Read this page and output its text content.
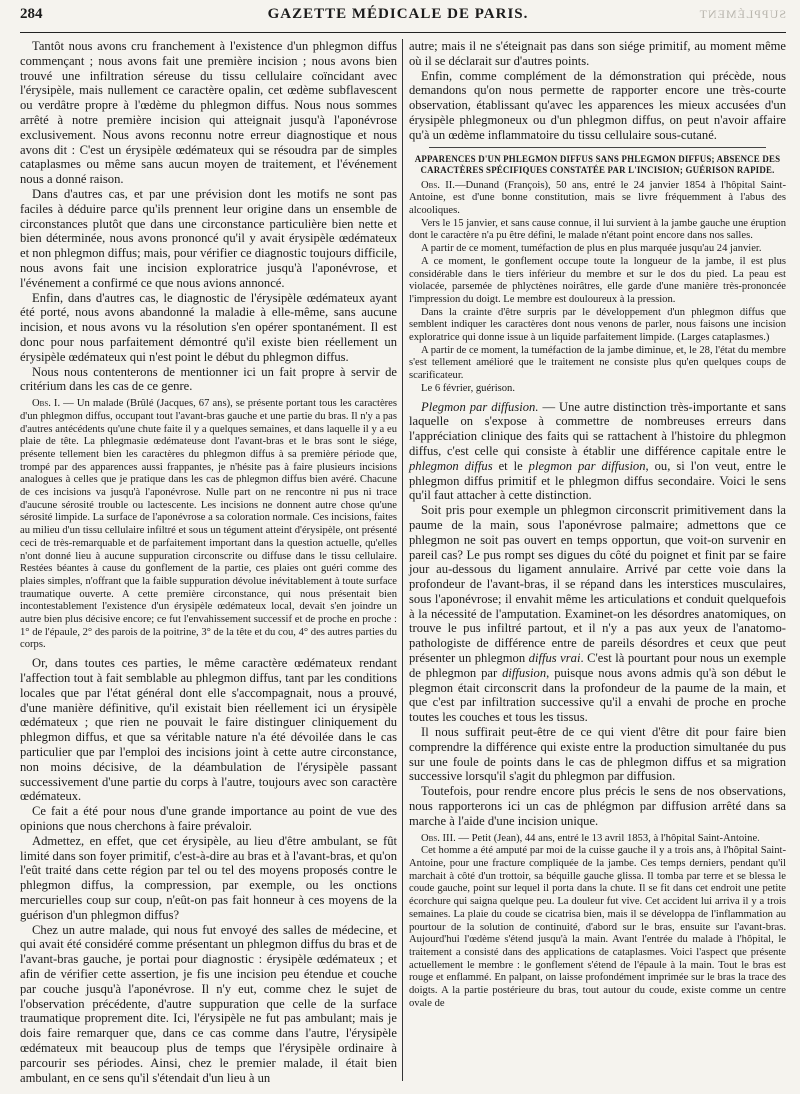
284	GAZETTE MÉDICALE DE PARIS.	SUPPLÉMENT

Tantôt nous avons cru franchement à l'existence d'un phlegmon diffus commençant ; nous avons fait une première incision ; nous avons bien trouvé une infiltration séreuse du tissu cellulaire coïncidant avec l'érysipèle, mais nullement ce caractère opalin, cet œdème subflavescent ou verdâtre propre à l'œdème du phlegmon diffus. Nous nous sommes arrêté à notre première incision qui atteignait jusqu'à l'aponévrose exclusivement. Nous avons reconnu notre erreur diagnostique et nous avons dit : C'est un érysipèle œdémateux qui se résoudra par de simples cataplasmes ou même sans aucun moyen de traitement, et l'événement nous a donné raison.

Dans d'autres cas, et par une prévision dont les motifs ne sont pas faciles à déduire parce qu'ils prennent leur origine dans un ensemble de circonstances plutôt que dans une circonstance particulière bien nette et bien déterminée, nous avons prononcé qu'il y avait érysipèle œdémateux et non phlegmon diffus; mais, pour vérifier ce diagnostic toujours difficile, nous avons fait une incision exploratrice jusqu'à l'aponévrose, et l'événement a confirmé ce que nous avions annoncé.

Enfin, dans d'autres cas, le diagnostic de l'érysipèle œdémateux ayant été porté, nous avons abandonné la maladie à elle-même, sans aucune incision, et nous avons vu la résolution s'en opérer spontanément. Il est donc pour nous parfaitement démontré qu'il existe bien réellement un érysipèle œdémateux qui n'est point le début du phlegmon diffus.

Nous nous contenterons de mentionner ici un fait propre à servir de critérium dans les cas de ce genre.

Obs. I. — Un malade (Brûlé (Jacques, 67 ans), se présente portant tous les caractères d'un phlegmon diffus, occupant tout l'avant-bras gauche et une partie du bras. Il n'y a pas d'autres antécédents qu'une chute faite il y a quelques semaines, et dans laquelle il y a eu plaie de tête. La phlegmasie œdémateuse dont l'avant-bras et le bras sont le siége, présente tellement bien les caractères du phlegmon diffus à sa première période que, trompé par des apparences aussi frappantes, je n'hésite pas à faire plusieurs incisions analogues à celles que je pratique dans les cas de phlegmon diffus bien avéré. Chacune de ces incisions va jusqu'à l'aponévrose. Nulle part on ne rencontre ni pus ni trace d'aucune sérosité trouble ou lactescente. Les incisions ne donnent autre chose qu'une sérosité limpide. La surface de l'aponévrose a sa coloration normale. Ces incisions, faites au milieu d'un tissu cellulaire infiltré et sous un tégument atteint d'érysipèle, ont présenté ceci de très-remarquable et de parfaitement important dans la question actuelle, qu'elles n'ont donné lieu à aucune suppuration circonscrite ou diffuse dans le tissu cellulaire. Restées béantes à cause du gonflement de la partie, ces plaies ont guéri comme des plaies simples, n'offrant que la faible suppuration dévolue inévitablement à toute surface traumatique ouverte. A cette première circonstance, qui nous présentait bien incontestablement l'existence d'un érysipèle œdémateux local, devait s'en joindre un autre bien plus décisive encore; ce fut l'envahissement successif et de proche en proche : 1° de l'épaule, 2° des parois de la poitrine, 3° de la tête et du cou, 4° des autres parties du corps.

Or, dans toutes ces parties, le même caractère œdémateux rendant l'affection tout à fait semblable au phlegmon diffus, tant par les conditions locales que par l'état général dont elle s'accompagnait, nous a prouvé, d'une manière définitive, qu'il existait bien réellement ici un érysipèle œdémateux ; que rien ne pouvait le faire distinguer cliniquement du phlegmon diffus, et que sa véritable nature n'a été dévoilée dans le cas particulier que par l'emploi des incisions joint à cette autre circonstance, non moins décisive, de la déambulation de l'érysipèle passant successivement d'une partie du corps à l'autre, toujours avec son caractère œdémateux.

Ce fait a été pour nous d'une grande importance au point de vue des opinions que nous cherchons à faire prévaloir.

Admettez, en effet, que cet érysipèle, au lieu d'être ambulant, se fût limité dans son foyer primitif, c'est-à-dire au bras et à l'avant-bras, et qu'on l'eût traité dans cette région par tel ou tel des moyens proposés contre le phlegmon diffus, la compression, par exemple, ou les onctions mercurielles coup sur coup, n'eût-on pas fait honneur à ces moyens de la guérison d'un phlegmon diffus?

Chez un autre malade, qui nous fut envoyé des salles de médecine, et qui avait été considéré comme présentant un phlegmon diffus du bras et de l'avant-bras gauche, je portai pour diagnostic : érysipèle œdémateux ; et afin de vérifier cette assertion, je fis une incision peu étendue et couche par couche jusqu'à l'aponévrose. Il n'y eut, comme chez le sujet de l'observation précédente, d'autre suppuration que celle de la surface traumatique proprement dite. Ici, l'érysipèle ne fut pas ambulant; mais je dois faire remarquer que, dans ce cas comme dans l'autre, l'érysipèle œdémateux mit beaucoup plus de temps que l'érysipèle ordinaire à parcourir ses périodes. Ainsi, chez le premier malade, il était bien ambulant, en ce sens qu'il s'étendait d'un lieu à un

autre; mais il ne s'éteignait pas dans son siége primitif, au moment même où il se déclarait sur d'autres points.

Enfin, comme complément de la démonstration qui précède, nous demandons qu'on nous permette de rapporter encore une très-courte observation, établissant qu'avec les apparences les mieux accusées d'un érysipèle phlegmoneux ou d'un phlegmon diffus, on peut n'avoir affaire qu'à un œdème inflammatoire du tissu cellulaire sous-cutané.

APPARENCES D'UN PHLEGMON DIFFUS SANS PHLEGMON DIFFUS; ABSENCE DES CARACTÈRES SPÉCIFIQUES CONSTATÉE PAR L'INCISION; GUÉRISON RAPIDE.

Obs. II.—Dunand (François), 50 ans, entré le 24 janvier 1854 à l'hôpital Saint-Antoine, est d'une bonne constitution, mais se livre fréquemment à l'abus des alcooliques.

Vers le 15 janvier, et sans cause connue, il lui survient à la jambe gauche une éruption dont le caractère n'a pu être défini, le malade n'étant point encore dans nos salles.

A partir de ce moment, tuméfaction de plus en plus marquée jusqu'au 24 janvier.

A ce moment, le gonflement occupe toute la longueur de la jambe, il est plus considérable dans le tiers inférieur du membre et sur le dos du pied. La peau est violacée, parsemée de phlyctènes noirâtres, elle garde d'une manière très-prononcée l'impression du doigt. Le membre est douloureux à la pression.

Dans la crainte d'être surpris par le développement d'un phlegmon diffus que semblent indiquer les caractères dont nous venons de parler, nous faisons une incision exploratrice qui donne issue à un liquide parfaitement limpide. (Larges cataplasmes.)

A partir de ce moment, la tuméfaction de la jambe diminue, et, le 28, l'état du membre s'est tellement amélioré que le traitement ne consiste plus qu'en quelques coups de scarificateur.

Le 6 février, guérison.

Plegmon par diffusion. — Une autre distinction très-importante et sans laquelle on s'expose à commettre de nombreuses erreurs dans l'appréciation clinique des faits qui se rattachent à l'histoire du phlegmon diffus, c'est celle qui consiste à établir une différence capitale entre le phlegmon diffus et le plegmon par diffusion, ou, si l'on veut, entre le phlegmon diffus primitif et le phlegmon diffus secondaire. Voici le sens qu'il faut attacher à cette distinction.

Soit pris pour exemple un phlegmon circonscrit primitivement dans la paume de la main, sous l'aponévrose palmaire; admettons que ce phlegmon ne soit pas ouvert en temps opportun, que voit-on survenir en pareil cas? Le pus rompt ses digues du côté du poignet et finit par se faire jour au-dessous du ligament annulaire. Arrivé par cette voie dans la profondeur de l'avant-bras, il se répand dans les interstices musculaires, sous l'aponévrose; il envahit même les articulations et conduit quelquefois à la nécessité de l'amputation. Examinet-on les désordres anatomiques, on trouve le pus infiltré partout, et il n'y a pas aux yeux de l'anatomo-pathologiste de différence entre de pareils désordres et ceux que peut présenter un phlegmon diffus vrai. C'est là pourtant pour nous un exemple de phlegmon par diffusion, puisque nous avons admis qu'à son début le plegmon était circonscrit dans la profondeur de la paume de la main, et que c'est par infiltration successive qu'il a envahi de proche en proche toutes les couches et tous les tissus.

Il nous suffirait peut-être de ce qui vient d'être dit pour faire bien comprendre la différence qui existe entre la production simultanée du pus sur une foule de points dans le cas de phlegmon diffus et sa migration successive lorsqu'il s'agit du phlegmon par diffusion.

Toutefois, pour rendre encore plus précis le sens de nos observations, nous rapporterons ici un cas de phlégmon par diffusion arrêté dans sa marche à l'aide d'une incision unique.

Obs. III. — Petit (Jean), 44 ans, entré le 13 avril 1853, à l'hôpital Saint-Antoine.

Cet homme a été amputé par moi de la cuisse gauche il y a trois ans, à l'hôpital Saint-Antoine, pour une fracture compliquée de la jambe. Ces temps derniers, pendant qu'il marchait à côté d'un trottoir, sa béquille gauche glissa. Il tomba par terre et se blessa le coude gauche, point sur lequel il porta dans la chute. Il se fit dans cet endroit une petite écorchure qui saigna quelque peu. La douleur fut vive. Cet accident lui arriva il y a trois semaines. La plaie du coude se cicatrisa bien, mais il se développa de l'inflammation au pourtour de la solution de continuité, d'abord sur le bras, ensuite sur l'avant-bras. Aujourd'hui l'œdème s'étend jusqu'à la main. Avant l'entrée du malade à l'hôpital, le traitement a consisté dans des applications de cataplasmes. Voici l'aspect que présente actuellement le membre : le gonflement s'étend de l'épaule à la main. Tout le bras est rouge et enflammé. En palpant, on laisse profondément imprimée sur le bras la trace des doigts. A la partie postérieure du bras, tout autour du coude, existe comme un centre ovale de
